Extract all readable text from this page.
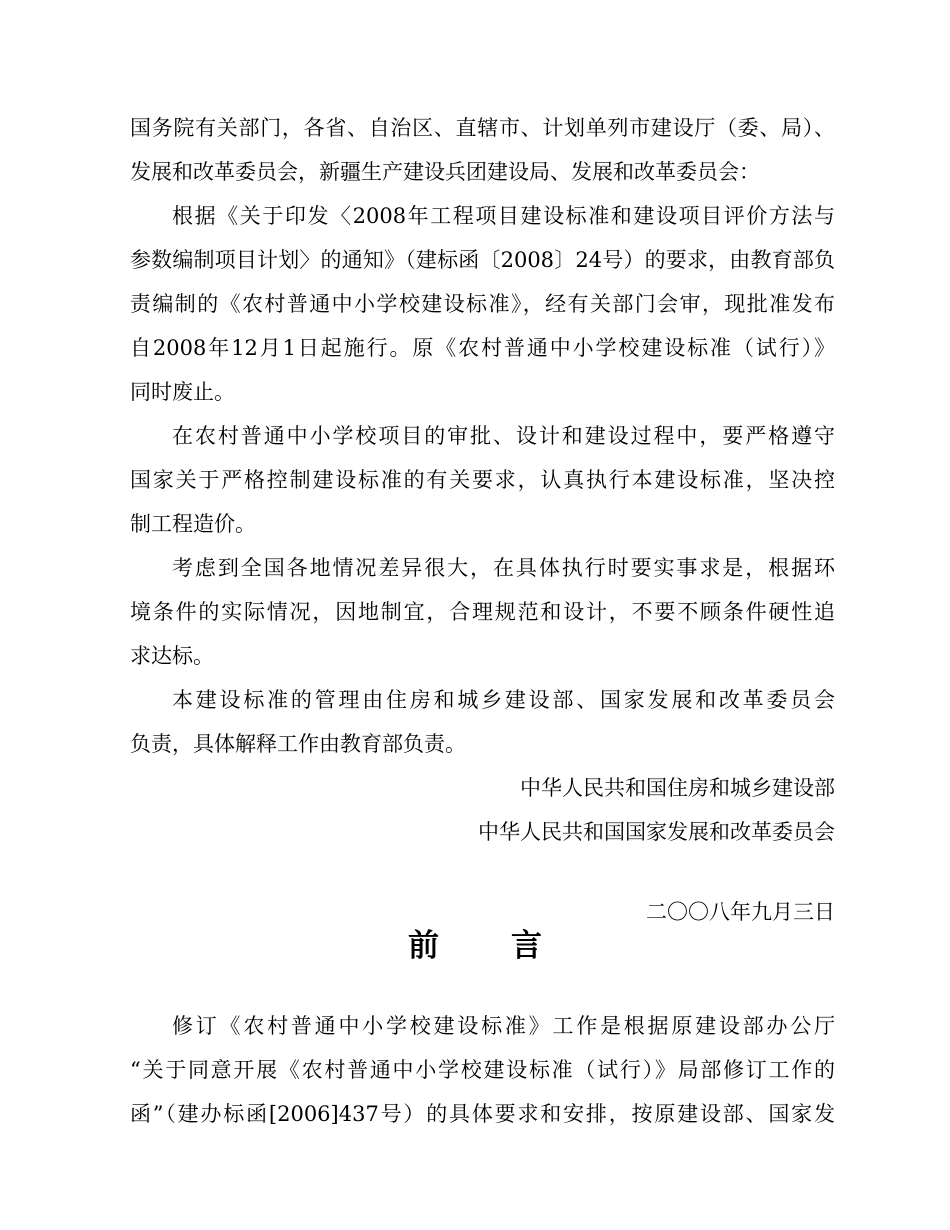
国务院有关部门，各省、自治区、直辖市、计划单列市建设厅（委、局）、
发展和改革委员会，新疆生产建设兵团建设局、发展和改革委员会：
根据《关于印发〈2008年工程项目建设标准和建设项目评价方法与
参数编制项目计划〉的通知》（建标函〔2008〕24号）的要求，由教育部负
责编制的《农村普通中小学校建设标准》，经有关部门会审，现批准发布
自2008年12月1日起施行。原《农村普通中小学校建设标准（试行）》
同时废止。
在农村普通中小学校项目的审批、设计和建设过程中，要严格遵守
国家关于严格控制建设标准的有关要求，认真执行本建设标准，坚决控
制工程造价。
考虑到全国各地情况差异很大，在具体执行时要实事求是，根据环
境条件的实际情况，因地制宜，合理规范和设计，不要不顾条件硬性追
求达标。
本建设标准的管理由住房和城乡建设部、国家发展和改革委员会
负责，具体解释工作由教育部负责。
中华人民共和国住房和城乡建设部
中华人民共和国国家发展和改革委员会
二〇〇八年九月三日
前言
修订《农村普通中小学校建设标准》工作是根据原建设部办公厅
“关于同意开展《农村普通中小学校建设标准（试行）》局部修订工作的
函”（建办标函[2006]437号）的具体要求和安排，按原建设部、国家发
